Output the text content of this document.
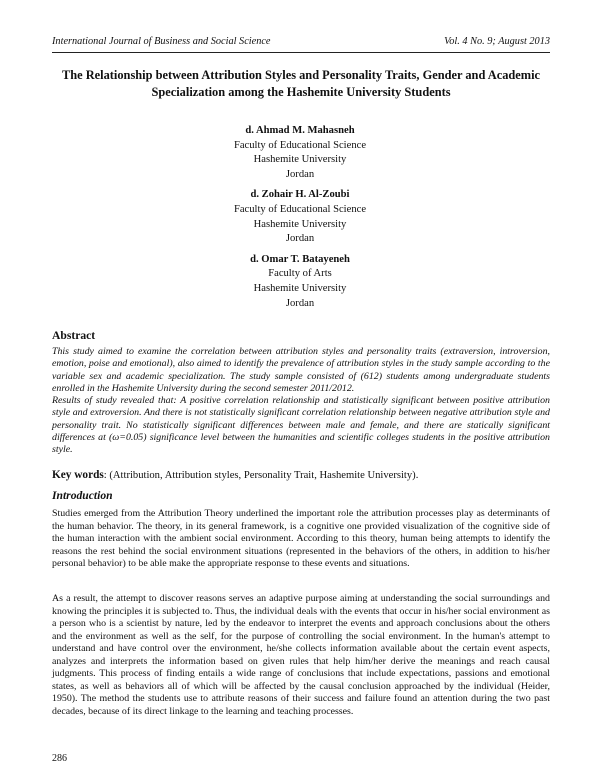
International Journal of Business and Social Science	Vol. 4 No. 9; August 2013
The Relationship between Attribution Styles and Personality Traits, Gender and Academic Specialization among the Hashemite University Students
d. Ahmad M. Mahasneh
Faculty of Educational Science
Hashemite University
Jordan
d. Zohair H. Al-Zoubi
Faculty of Educational Science
Hashemite University
Jordan
d. Omar T. Batayeneh
Faculty of Arts
Hashemite University
Jordan
Abstract

This study aimed to examine the correlation between attribution styles and personality traits (extraversion, introversion, emotion, poise and emotional), also aimed to identify the prevalence of attribution styles in the study sample according to the variable sex and academic specialization. The study sample consisted of (612) students among undergraduate students enrolled in the Hashemite University during the second semester 2011/2012.

Results of study revealed that: A positive correlation relationship and statistically significant between positive attribution style and extroversion. And there is not statistically significant correlation relationship between negative attribution style and personality trait. No statistically significant differences between male and female, and there are statically significant differences at (ω=0.05) significance level between the humanities and scientific colleges students in the positive attribution style.

Key words: (Attribution, Attribution styles, Personality Trait, Hashemite University).
Introduction

Studies emerged from the Attribution Theory underlined the important role the attribution processes play as determinants of the human behavior. The theory, in its general framework, is a cognitive one provided visualization of the cognitive side of the human interaction with the ambient social environment. According to this theory, human being attempts to identify the reasons the rest behind the social environment situations (represented in the behaviors of the others, in addition to his/her personal behavior) to be able make the appropriate response to these events and situations.

As a result, the attempt to discover reasons serves an adaptive purpose aiming at understanding the social surroundings and knowing the principles it is subjected to. Thus, the individual deals with the events that occur in his/her social environment as a person who is a scientist by nature, led by the endeavor to interpret the events and approach conclusions about the others and the environment as well as the self, for the purpose of controlling the social environment. In the human's attempt to understand and have control over the environment, he/she collects information available about the certain event aspects, analyzes and interprets the information based on given rules that help him/her derive the meanings and reach causal judgments. This process of finding entails a wide range of conclusions that include expectations, passions and emotional states, as well as behaviors all of which will be affected by the causal conclusion approached by the individual (Heider, 1950). The method the students use to attribute reasons of their success and failure found an attention during the two past decades, because of its direct linkage to the learning and teaching processes.

286
